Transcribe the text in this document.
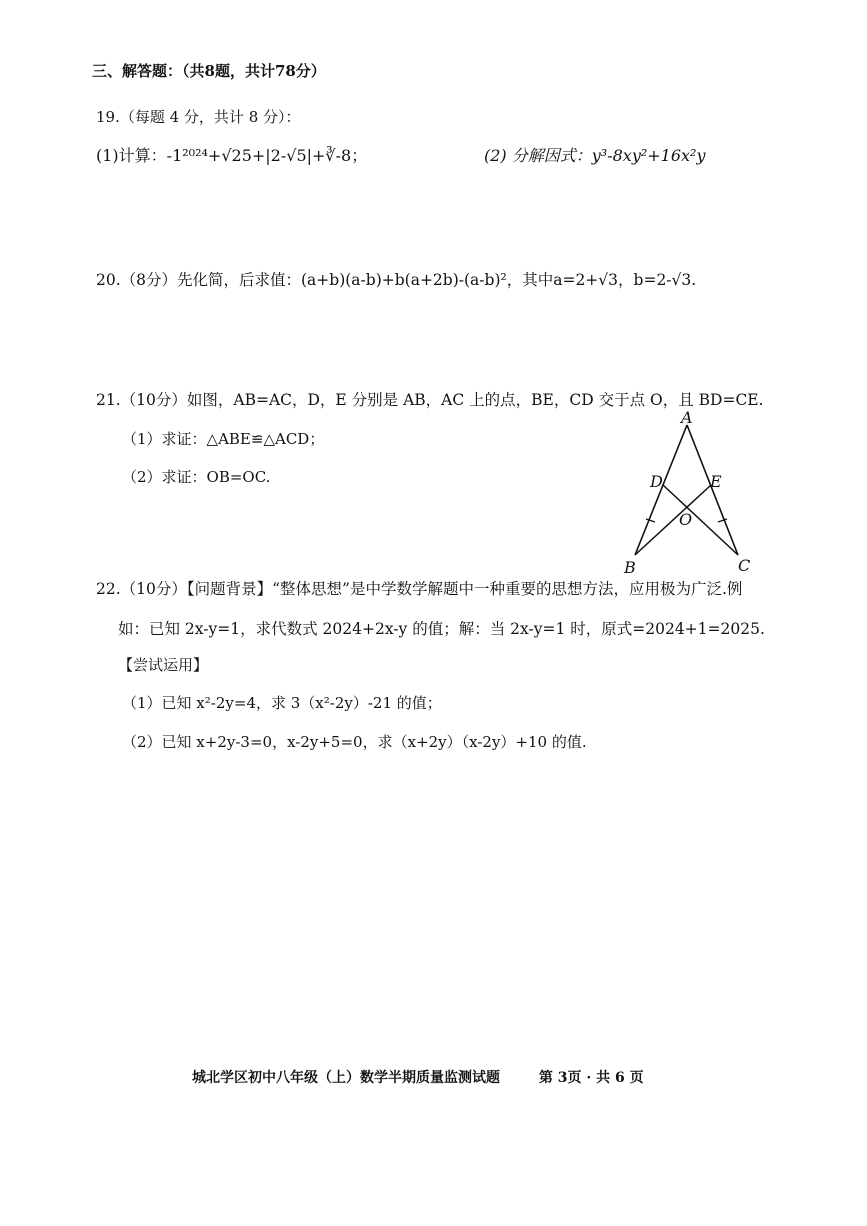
三、解答题：（共8题，共计78分）
19.（每题 4 分，共计 8 分）：
(1)计算：-1²⁰²⁴+√25+|2-√5|+∛-8；	(2) 分解因式：y³-8xy²+16x²y
20.（8分）先化简，后求值：(a+b)(a-b)+b(a+2b)-(a-b)²，其中a=2+√3，b=2-√3.
21.（10分）如图，AB=AC，D，E 分别是 AB，AC 上的点，BE，CD 交于点 O，且 BD=CE.
（1）求证：△ABE≌△ACD；
（2）求证：OB=OC.
A
B	C
D	E
O
22.（10分）【问题背景】“整体思想”是中学数学解题中一种重要的思想方法，应用极为广泛.例
如：已知 2x-y=1，求代数式 2024+2x-y 的值；解：当 2x-y=1 时，原式=2024+1=2025.
【尝试运用】
（1）已知 x²-2y=4，求 3（x²-2y）-21 的值；
（2）已知 x+2y-3=0，x-2y+5=0，求（x+2y）（x-2y）+10 的值.
城北学区初中八年级（上）数学半期质量监测试题	第 3页 · 共 6 页
